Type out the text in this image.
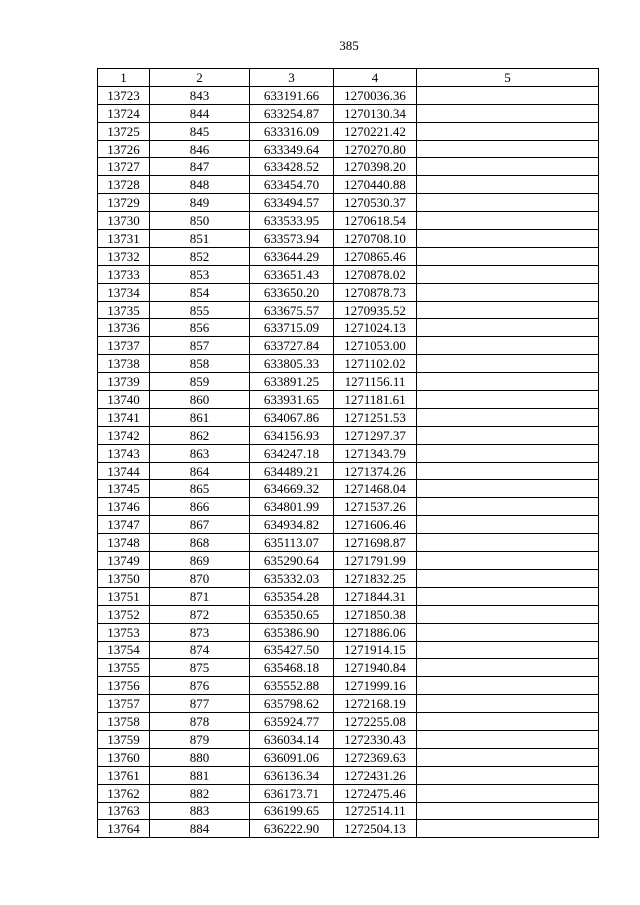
385
1	2	3	4	5
13723	843	633191.66	1270036.36	
13724	844	633254.87	1270130.34	
13725	845	633316.09	1270221.42	
13726	846	633349.64	1270270.80	
13727	847	633428.52	1270398.20	
13728	848	633454.70	1270440.88	
13729	849	633494.57	1270530.37	
13730	850	633533.95	1270618.54	
13731	851	633573.94	1270708.10	
13732	852	633644.29	1270865.46	
13733	853	633651.43	1270878.02	
13734	854	633650.20	1270878.73	
13735	855	633675.57	1270935.52	
13736	856	633715.09	1271024.13	
13737	857	633727.84	1271053.00	
13738	858	633805.33	1271102.02	
13739	859	633891.25	1271156.11	
13740	860	633931.65	1271181.61	
13741	861	634067.86	1271251.53	
13742	862	634156.93	1271297.37	
13743	863	634247.18	1271343.79	
13744	864	634489.21	1271374.26	
13745	865	634669.32	1271468.04	
13746	866	634801.99	1271537.26	
13747	867	634934.82	1271606.46	
13748	868	635113.07	1271698.87	
13749	869	635290.64	1271791.99	
13750	870	635332.03	1271832.25	
13751	871	635354.28	1271844.31	
13752	872	635350.65	1271850.38	
13753	873	635386.90	1271886.06	
13754	874	635427.50	1271914.15	
13755	875	635468.18	1271940.84	
13756	876	635552.88	1271999.16	
13757	877	635798.62	1272168.19	
13758	878	635924.77	1272255.08	
13759	879	636034.14	1272330.43	
13760	880	636091.06	1272369.63	
13761	881	636136.34	1272431.26	
13762	882	636173.71	1272475.46	
13763	883	636199.65	1272514.11	
13764	884	636222.90	1272504.13	
